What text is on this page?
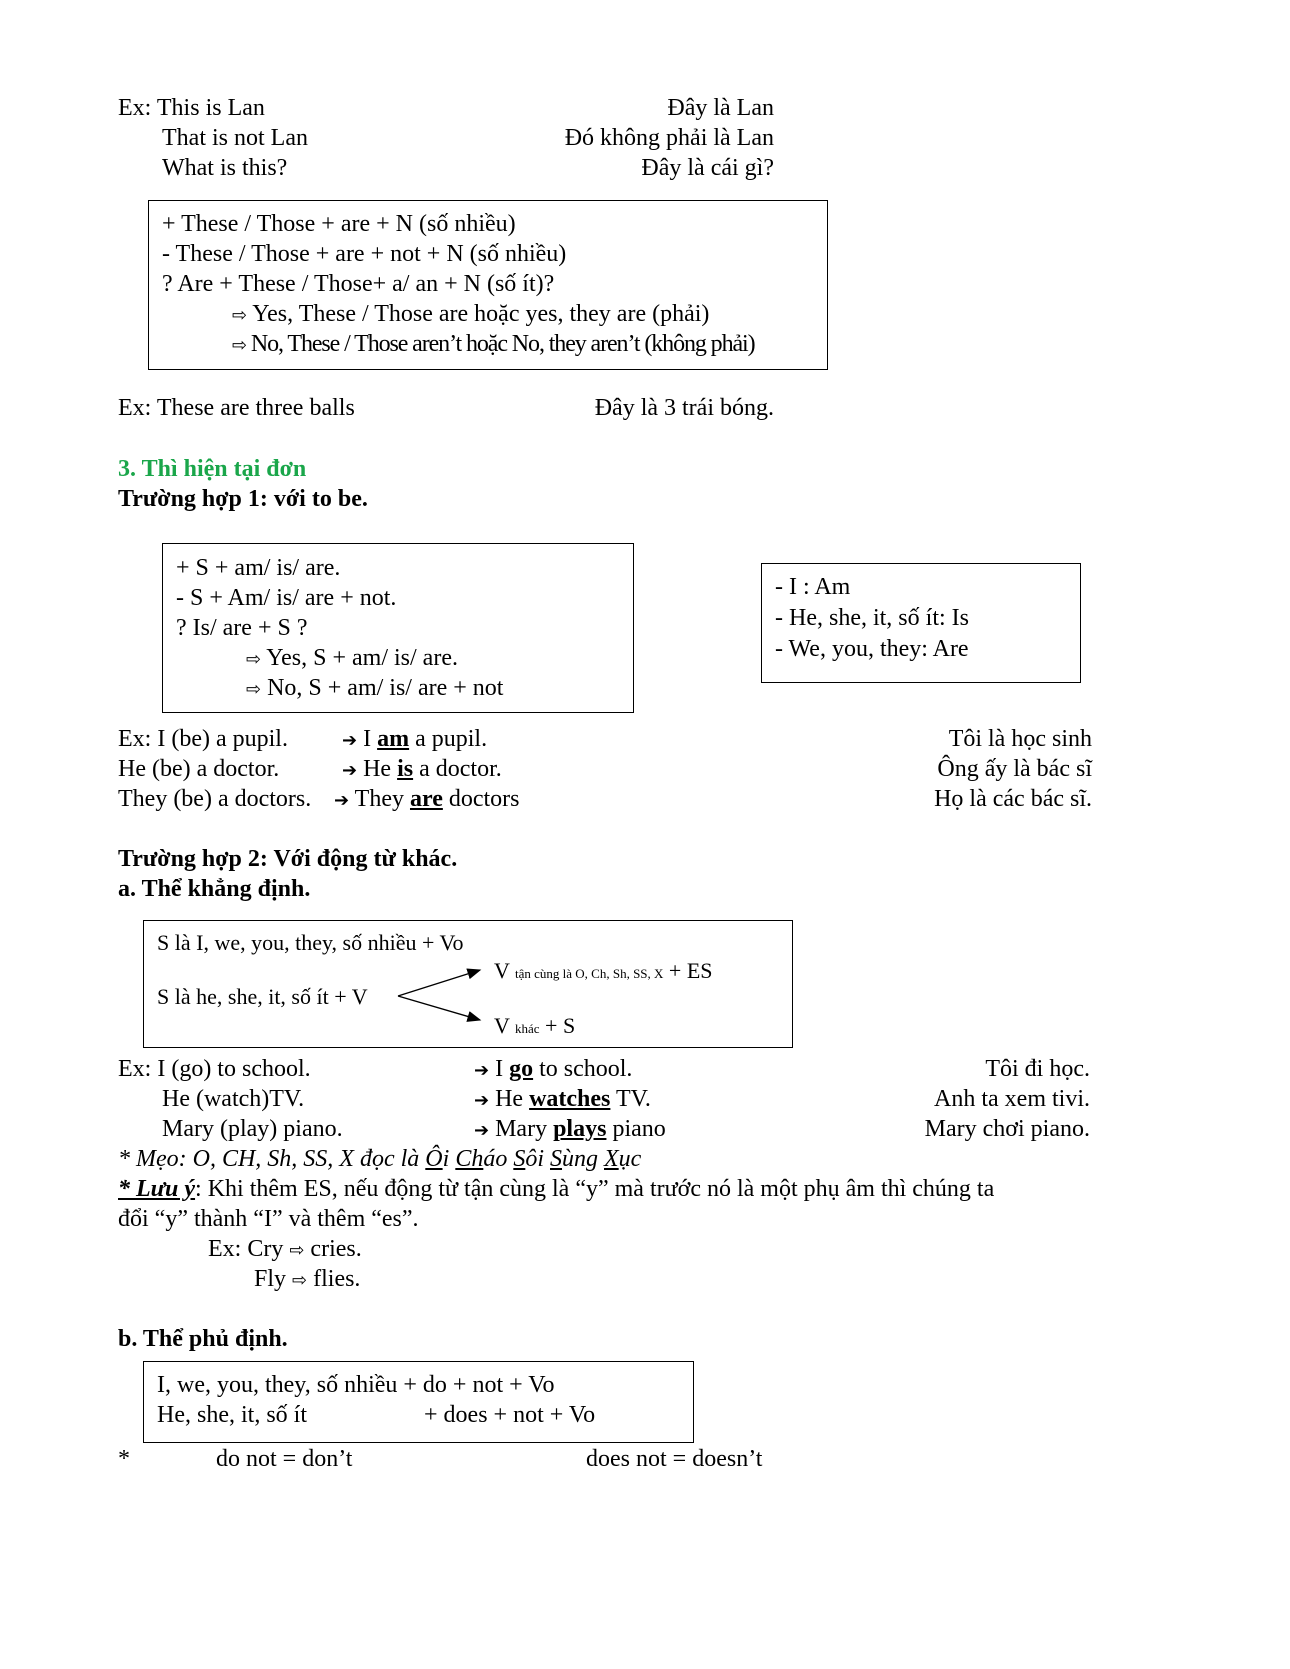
Ex: This is Lan	Đây là Lan
That is not Lan	Đó không phải là Lan
What is this?	Đây là cái gì?
+ These / Those + are + N (số nhiều)
- These / Those + are + not + N (số nhiều)
? Are + These / Those+ a/ an + N (số ít)?
⇨ Yes, These / Those are hoặc yes, they are (phải)
⇨ No, These / Those aren’t hoặc No, they aren’t (không phải)
Ex: These are three balls	Đây là 3 trái bóng.
3. Thì hiện tại đơn
Trường hợp 1: với to be.
+ S + am/ is/ are.
- S + Am/ is/ are + not.
? Is/ are + S ?
⇨ Yes, S + am/ is/ are.
⇨ No, S + am/ is/ are + not
- I : Am
- He, she, it, số ít: Is
- We, you, they: Are
Ex: I (be) a pupil.	➔ I am a pupil.	Tôi là học sinh
He (be) a doctor.	➔ He is a doctor.	Ông ấy là bác sĩ
They (be) a doctors. ➔ They are doctors	Họ là các bác sĩ.
Trường hợp 2: Với động từ khác.
a. Thể khẳng định.
S là I, we, you, they, số nhiều + Vo
S là he, she, it, số ít + V
V tận cùng là O, Ch, Sh, SS, X + ES
V khác + S
Ex: I (go) to school.	➔ I go to school.	Tôi đi học.
He (watch)TV.	➔ He watches TV.	Anh ta xem tivi.
Mary (play) piano.	➔ Mary plays piano	Mary chơi piano.
* Mẹo: O, CH, Sh, SS, X đọc là Ôi Cháo Sôi Sùng Xục
* Lưu ý: Khi thêm ES, nếu động từ tận cùng là “y” mà trước nó là một phụ âm thì chúng ta
đổi “y” thành “I” và thêm “es”.
Ex: Cry ⇨ cries.
Fly ⇨ flies.
b. Thể phủ định.
I, we, you, they, số nhiều + do + not + Vo
He, she, it, số ít	+ does + not + Vo
*	do not = don’t	does not = doesn’t
